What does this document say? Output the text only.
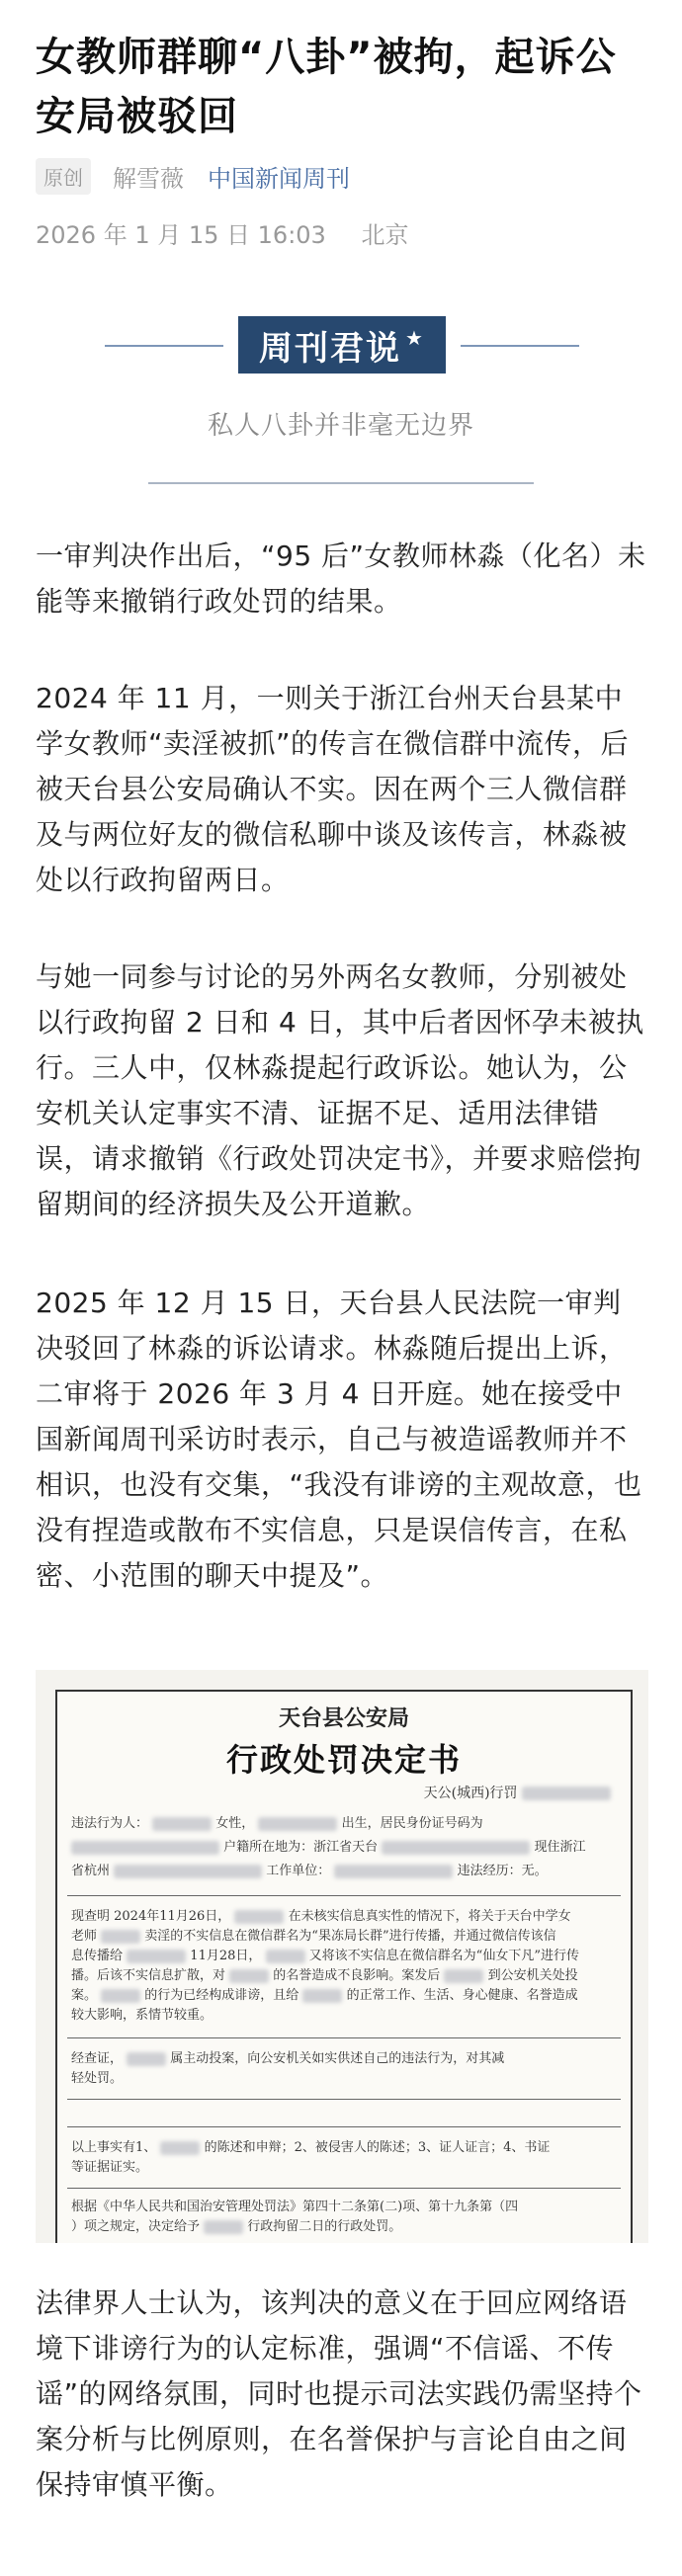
女教师群聊“八卦”被拘，起诉公安局被驳回
原创	解雪薇 中国新闻周刊
2026 年 1 月 15 日 16:03 北京
周刊君说 ★
私人八卦并非毫无边界

一审判决作出后，“95 后”女教师林淼（化名）未能等来撤销行政处罚的结果。

2024 年 11 月，一则关于浙江台州天台县某中学女教师“卖淫被抓”的传言在微信群中流传，后被天台县公安局确认不实。因在两个三人微信群及与两位好友的微信私聊中谈及该传言，林淼被处以行政拘留两日。

与她一同参与讨论的另外两名女教师，分别被处以行政拘留 2 日和 4 日，其中后者因怀孕未被执行。三人中，仅林淼提起行政诉讼。她认为，公安机关认定事实不清、证据不足、适用法律错误，请求撤销《行政处罚决定书》，并要求赔偿拘留期间的经济损失及公开道歉。

2025 年 12 月 15 日，天台县人民法院一审判决驳回了林淼的诉讼请求。林淼随后提出上诉，二审将于 2026 年 3 月 4 日开庭。她在接受中国新闻周刊采访时表示，自己与被造谣教师并不相识，也没有交集，“我没有诽谤的主观故意，也没有捏造或散布不实信息，只是误信传言，在私密、小范围的聊天中提及”。

天台县公安局
行政处罚决定书
天公(城西)行罚
违法行为人：	女性，	出生，居民身份证号码为
户籍所在地为：浙江省天台	现住浙江
省杭州	工作单位：	违法经历：无。
现查明 2024年11月26日，	在未核实信息真实性的情况下，将关于天台中学女
老师	卖淫的不实信息在微信群名为“果冻局长群”进行传播，并通过微信传该信
息传播给	11月28日，	又将该不实信息在微信群名为“仙女下凡”进行传
播。后该不实信息扩散，对	的名誉造成不良影响。案发后	到公安机关处投
案。	的行为已经构成诽谤，且给	的正常工作、生活、身心健康、名誉造成
较大影响，系情节较重。
经查证，	属主动投案，向公安机关如实供述自己的违法行为，对其减
轻处罚。
以上事实有1、	的陈述和申辩；2、被侵害人的陈述；3、证人证言；4、书证
等证据证实。
根据《中华人民共和国治安管理处罚法》第四十二条第(二)项、第十九条第（四
）项之规定，决定给予	行政拘留二日的行政处罚。

法律界人士认为，该判决的意义在于回应网络语境下诽谤行为的认定标准，强调“不信谣、不传谣”的网络氛围，同时也提示司法实践仍需坚持个案分析与比例原则，在名誉保护与言论自由之间保持审慎平衡。
